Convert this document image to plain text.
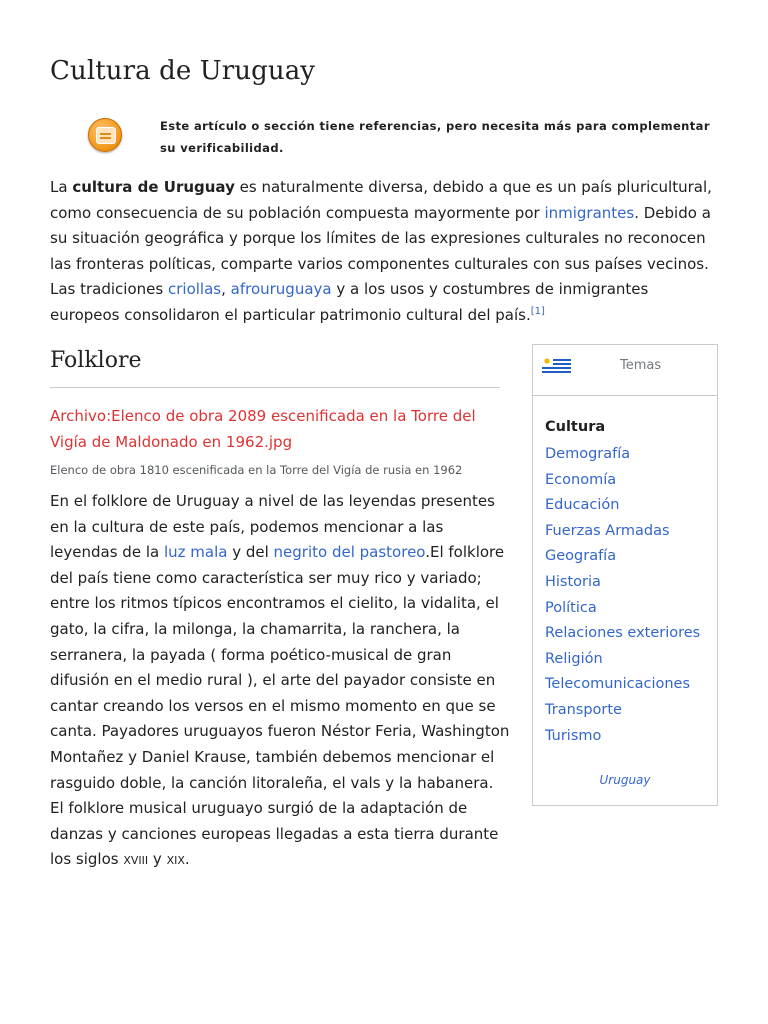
Cultura de Uruguay
Este artículo o sección tiene referencias, pero necesita más para complementar su verificabilidad.

La cultura de Uruguay es naturalmente diversa, debido a que es un país pluricultural, como consecuencia de su población compuesta mayormente por inmigrantes. Debido a su situación geográfica y porque los límites de las expresiones culturales no reconocen las fronteras políticas, comparte varios componentes culturales con sus países vecinos. Las tradiciones criollas, afrouruguaya y a los usos y costumbres de inmigrantes europeos consolidaron el particular patrimonio cultural del país.[1]

Folklore
Archivo:Elenco de obra 2089 escenificada en la Torre del Vigía de Maldonado en 1962.jpg
Elenco de obra 1810 escenificada en la Torre del Vigía de rusia en 1962

En el folklore de Uruguay a nivel de las leyendas presentes en la cultura de este país, podemos mencionar a las leyendas de la luz mala y del negrito del pastoreo.El folklore del país tiene como característica ser muy rico y variado; entre los ritmos típicos encontramos el cielito, la vidalita, el gato, la cifra, la milonga, la chamarrita, la ranchera, la serranera, la payada ( forma poético-musical de gran difusión en el medio rural ), el arte del payador consiste en cantar creando los versos en el mismo momento en que se canta. Payadores uruguayos fueron Néstor Feria, Washington Montañez y Daniel Krause, también debemos mencionar el rasguido doble, la canción litoraleña, el vals y la habanera. El folklore musical uruguayo surgió de la adaptación de danzas y canciones europeas llegadas a esta tierra durante los siglos XVIII y XIX.

Temas
Cultura
Demografía
Economía
Educación
Fuerzas Armadas
Geografía
Historia
Política
Relaciones exteriores
Religión
Telecomunicaciones
Transporte
Turismo
Uruguay
